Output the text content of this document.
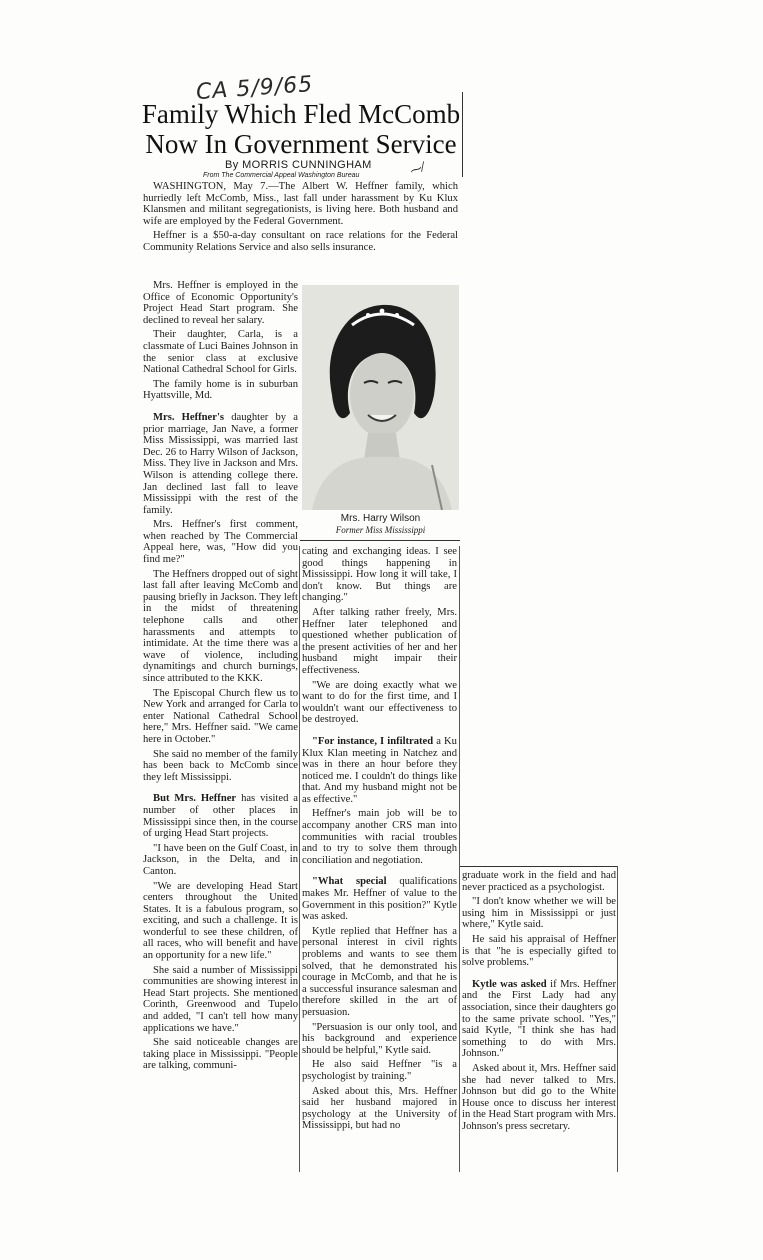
CA 5/9/65
Family Which Fled McComb
Now In Government Service
By MORRIS CUNNINGHAM
From The Commercial Appeal Washington Bureau	⁓⁄

WASHINGTON, May 7.—The Albert W. Heffner family, which hurriedly left McComb, Miss., last fall under harassment by Ku Klux Klansmen and militant segregationists, is living here. Both husband and wife are employed by the Federal Government.

Heffner is a $50-a-day consultant on race relations for the Federal Community Relations Service and also sells insurance.

Mrs. Heffner is employed in the Office of Economic Opportunity's Project Head Start program. She declined to reveal her salary.

Their daughter, Carla, is a classmate of Luci Baines Johnson in the senior class at exclusive National Cathedral School for Girls.

The family home is in suburban Hyattsville, Md.

Mrs. Heffner's daughter by a prior marriage, Jan Nave, a former Miss Mississippi, was married last Dec. 26 to Harry Wilson of Jackson, Miss. They live in Jackson and Mrs. Wilson is attending college there. Jan declined last fall to leave Mississippi with the rest of the family.

Mrs. Heffner's first comment, when reached by The Commercial Appeal here, was, "How did you find me?"

The Heffners dropped out of sight last fall after leaving McComb and pausing briefly in Jackson. They left in the midst of threatening telephone calls and other harassments and attempts to intimidate. At the time there was a wave of violence, including dynamitings and church burnings, since attributed to the KKK.

The Episcopal Church flew us to New York and arranged for Carla to enter National Cathedral School here," Mrs. Heffner said. "We came here in October."

She said no member of the family has been back to McComb since they left Mississippi.

But Mrs. Heffner has visited a number of other places in Mississippi since then, in the course of urging Head Start projects.

"I have been on the Gulf Coast, in Jackson, in the Delta, and in Canton.

"We are developing Head Start centers throughout the United States. It is a fabulous program, so exciting, and such a challenge. It is wonderful to see these children, of all races, who will benefit and have an opportunity for a new life."

She said a number of Mississippi communities are showing interest in Head Start projects. She mentioned Corinth, Greenwood and Tupelo and added, "I can't tell how many applications we have."

She said noticeable changes are taking place in Mississippi. "People are talking, communi-

Mrs. Harry Wilson
Former Miss Mississippi

cating and exchanging ideas. I see good things happening in Mississippi. How long it will take, I don't know. But things are changing."

After talking rather freely, Mrs. Heffner later telephoned and questioned whether publication of the present activities of her and her husband might impair their effectiveness.

"We are doing exactly what we want to do for the first time, and I wouldn't want our effectiveness to be destroyed.

"For instance, I infiltrated a Ku Klux Klan meeting in Natchez and was in there an hour before they noticed me. I couldn't do things like that. And my husband might not be as effective."

Heffner's main job will be to accompany another CRS man into communities with racial troubles and to try to solve them through conciliation and negotiation.

"What special qualifications makes Mr. Heffner of value to the Government in this position?" Kytle was asked.

Kytle replied that Heffner has a personal interest in civil rights problems and wants to see them solved, that he demonstrated his courage in McComb, and that he is a successful insurance salesman and therefore skilled in the art of persuasion.

"Persuasion is our only tool, and his background and experience should be helpful," Kytle said.

He also said Heffner "is a psychologist by training."

Asked about this, Mrs. Heffner said her husband majored in psychology at the University of Mississippi, but had no

graduate work in the field and had never practiced as a psychologist.

"I don't know whether we will be using him in Mississippi or just where," Kytle said.

He said his appraisal of Heffner is that "he is especially gifted to solve problems."

Kytle was asked if Mrs. Heffner and the First Lady had any association, since their daughters go to the same private school. "Yes," said Kytle, "I think she has had something to do with Mrs. Johnson."

Asked about it, Mrs. Heffner said she had never talked to Mrs. Johnson but did go to the White House once to discuss her interest in the Head Start program with Mrs. Johnson's press secretary.
